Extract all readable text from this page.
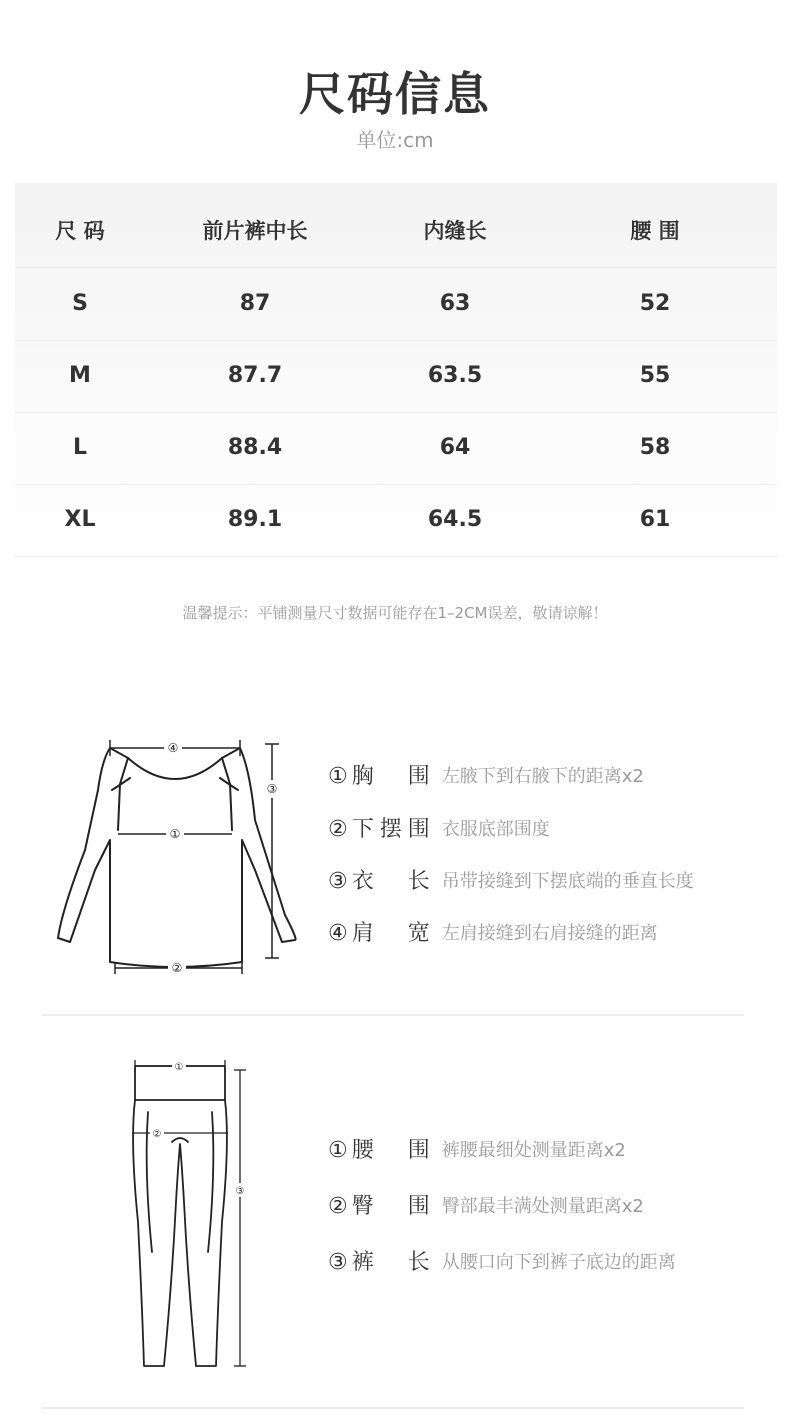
尺码信息
单位:cm
尺 码	前片裤中长	内缝长	腰 围
S	87	63	52
M	87.7	63.5	55
L	88.4	64	58
XL	89.1	64.5	61
温馨提示：平铺测量尺寸数据可能存在1–2CM误差，敬请谅解！
④
③
①
②
① 胸围 左腋下到右腋下的距离x2
② 下摆围 衣服底部围度
③ 衣长 吊带接缝到下摆底端的垂直长度
④ 肩宽 左肩接缝到右肩接缝的距离
①
②
③
① 腰围 裤腰最细处测量距离x2
② 臀围 臀部最丰满处测量距离x2
③ 裤长 从腰口向下到裤子底边的距离
